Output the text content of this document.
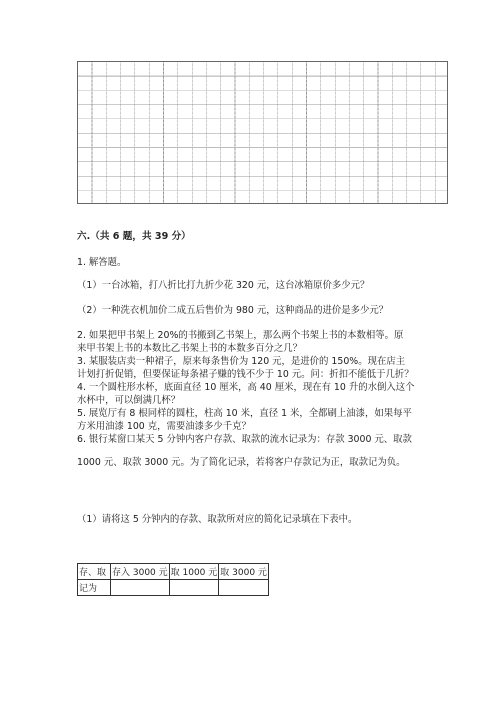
六.（共 6 题，共 39 分）
1. 解答题。
（1）一台冰箱，打八折比打九折少花 320 元，这台冰箱原价多少元？
（2）一种洗衣机加价二成五后售价为 980 元，这种商品的进价是多少元？
2. 如果把甲书架上 20%的书搬到乙书架上，那么两个书架上书的本数相等。原
来甲书架上书的本数比乙书架上书的本数多百分之几？
3. 某服装店卖一种裙子，原来每条售价为 120 元，是进价的 150%。现在店主
计划打折促销，但要保证每条裙子赚的钱不少于 10 元。问：折扣不能低于几折？
4. 一个圆柱形水杯，底面直径 10 厘米，高 40 厘米，现在有 10 升的水倒入这个
水杯中，可以倒满几杯？
5. 展览厅有 8 根同样的圆柱，柱高 10 米，直径 1 米，全都刷上油漆，如果每平
方米用油漆 100 克，需要油漆多少千克？
6. 银行某窗口某天 5 分钟内客户存款、取款的流水记录为：存款 3000 元、取款
1000 元、取款 3000 元。为了简化记录，若将客户存款记为正，取款记为负。
（1）请将这 5 分钟内的存款、取款所对应的简化记录填在下表中。
存、取	存入 3000 元	取 1000 元	取 3000 元
记为			
